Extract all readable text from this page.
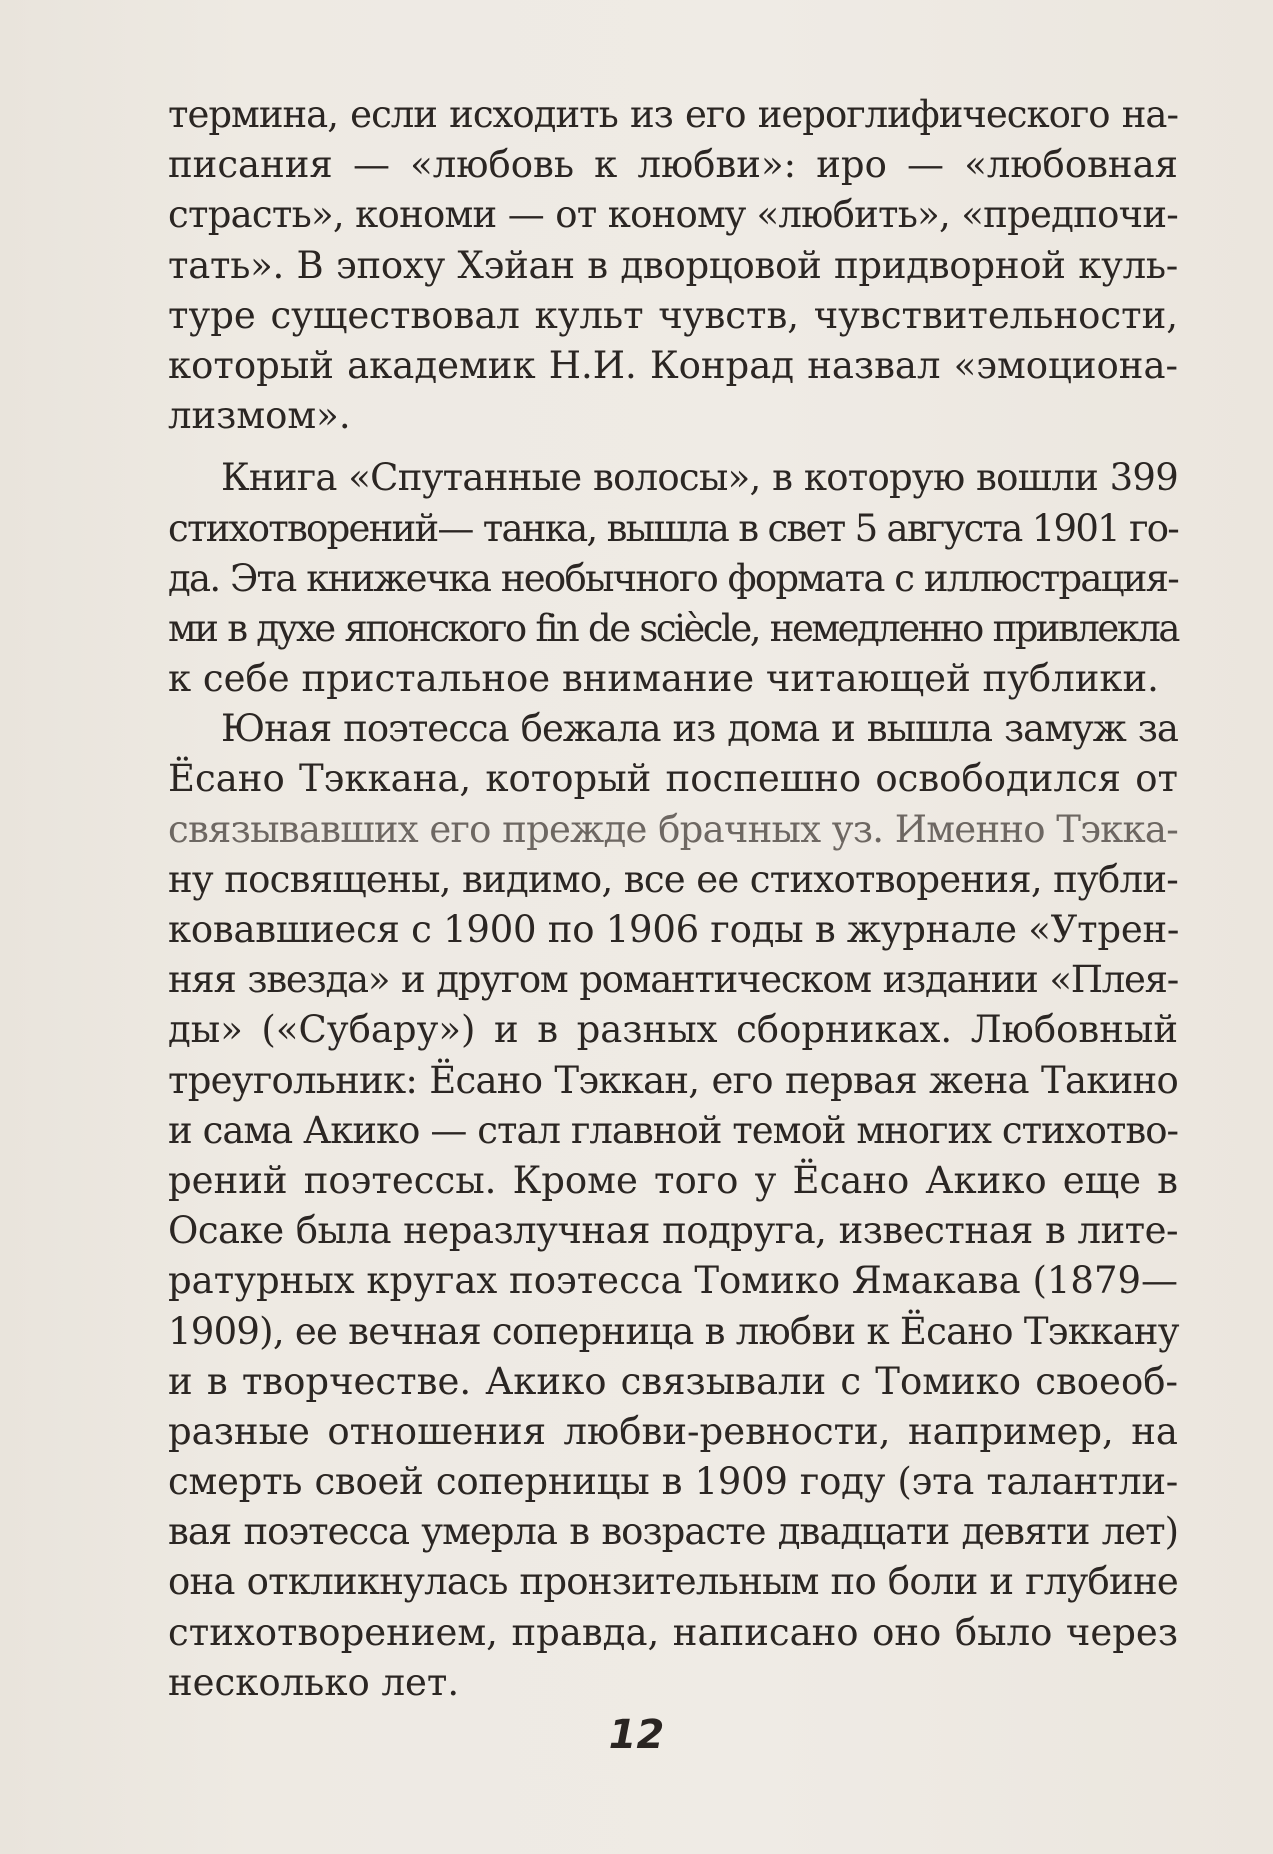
термина, если исходить из его иероглифического на-
писания — «любовь к любви»: иро — «любовная
страсть», кономи — от кономy «любить», «предпочи-
тать». В эпоху Хэйан в дворцовой придворной куль-
туре существовал культ чувств, чувствительности,
который академик Н.И. Конрад назвал «эмоциона-
лизмом».
Книга «Спутанные волосы», в которую вошли 399
стихотворений— танка, вышла в свет 5 августа 1901 го-
да. Эта книжечка необычного формата с иллюстрация-
ми в духе японского fin de sciècle, немедленно привлекла
к себе пристальное внимание читающей публики.
Юная поэтесса бежала из дома и вышла замуж за
Ёсано Тэккана, который поспешно освободился от
связывавших его прежде брачных уз. Именно Тэкка-
ну посвящены, видимо, все ее стихотворения, публи-
ковавшиеся с 1900 по 1906 годы в журнале «Утрен-
няя звезда» и другом романтическом издании «Плея-
ды» («Субару») и в разных сборниках. Любовный
треугольник: Ёсано Тэккан, его первая жена Такино
и сама Акико — стал главной темой многих стихотво-
рений поэтессы. Кроме того у Ёсано Акико еще в
Осаке была неразлучная подруга, известная в лите-
ратурных кругах поэтесса Томико Ямакава (1879—
1909), ее вечная соперница в любви к Ёсано Тэккану
и в творчестве. Акико связывали с Томико своеоб-
разные отношения любви-ревности, например, на
смерть своей соперницы в 1909 году (эта талантли-
вая поэтесса умерла в возрасте двадцати девяти лет)
она откликнулась пронзительным по боли и глубине
стихотворением, правда, написано оно было через
несколько лет.
12
